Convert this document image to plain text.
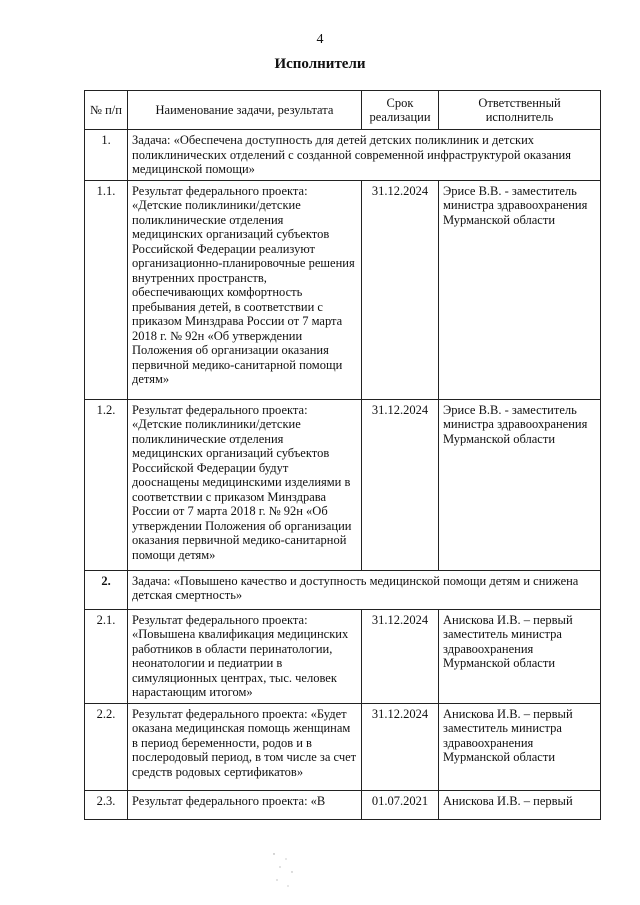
4
Исполнители
№ п/п	Наименование задачи, результата	Срок реализации	Ответственный исполнитель
1.	Задача: «Обеспечена доступность для детей детских поликлиник и детских поликлинических отделений с созданной современной инфраструктурой оказания медицинской помощи»		
1.1.	Результат федерального проекта: «Детские поликлиники/детские поликлинические отделения медицинских организаций субъектов Российской Федерации реализуют организационно-планировочные решения внутренних пространств, обеспечивающих комфортность пребывания детей, в соответствии с приказом Минздрава России от 7 марта 2018 г. № 92н «Об утверждении Положения об организации оказания первичной медико-санитарной помощи детям»	31.12.2024	Эрисе В.В. - заместитель министра здравоохранения Мурманской области
1.2.	Результат федерального проекта: «Детские поликлиники/детские поликлинические отделения медицинских организаций субъектов Российской Федерации будут дооснащены медицинскими изделиями в соответствии с приказом Минздрава России от 7 марта 2018 г. № 92н «Об утверждении Положения об организации оказания первичной медико-санитарной помощи детям»	31.12.2024	Эрисе В.В. - заместитель министра здравоохранения Мурманской области
2.	Задача: «Повышено качество и доступность медицинской помощи детям и снижена детская смертность»		
2.1.	Результат федерального проекта: «Повышена квалификация медицинских работников в области перинатологии, неонатологии и педиатрии в симуляционных центрах, тыс. человек нарастающим итогом»	31.12.2024	Анискова И.В. – первый заместитель министра здравоохранения Мурманской области
2.2.	Результат федерального проекта: «Будет оказана медицинская помощь женщинам в период беременности, родов и в послеродовый период, в том числе за счет средств родовых сертификатов»	31.12.2024	Анискова И.В. – первый заместитель министра здравоохранения Мурманской области
2.3.	Результат федерального проекта: «В	01.07.2021	Анискова И.В. – первый
